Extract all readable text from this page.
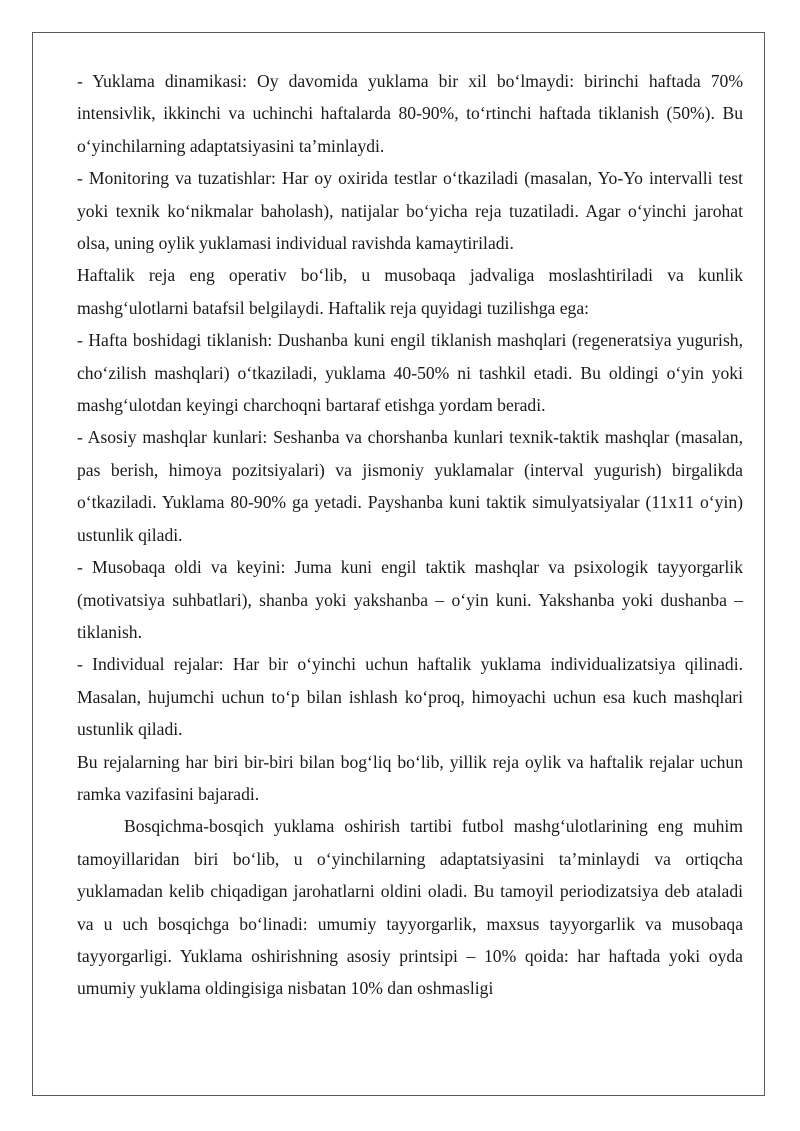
- Yuklama dinamikasi: Oy davomida yuklama bir xil bo‘lmaydi: birinchi haftada 70% intensivlik, ikkinchi va uchinchi haftalarda 80-90%, to‘rtinchi haftada tiklanish (50%). Bu o‘yinchilarning adaptatsiyasini ta’minlaydi.

- Monitoring va tuzatishlar: Har oy oxirida testlar o‘tkaziladi (masalan, Yo-Yo intervalli test yoki texnik ko‘nikmalar baholash), natijalar bo‘yicha reja tuzatiladi. Agar o‘yinchi jarohat olsa, uning oylik yuklamasi individual ravishda kamaytiriladi.

Haftalik reja eng operativ bo‘lib, u musobaqa jadvaliga moslashtiriladi va kunlik mashg‘ulotlarni batafsil belgilaydi. Haftalik reja quyidagi tuzilishga ega:

- Hafta boshidagi tiklanish: Dushanba kuni engil tiklanish mashqlari (regeneratsiya yugurish, cho‘zilish mashqlari) o‘tkaziladi, yuklama 40-50% ni tashkil etadi. Bu oldingi o‘yin yoki mashg‘ulotdan keyingi charchoqni bartaraf etishga yordam beradi.

- Asosiy mashqlar kunlari: Seshanba va chorshanba kunlari texnik-taktik mashqlar (masalan, pas berish, himoya pozitsiyalari) va jismoniy yuklamalar (interval yugurish) birgalikda o‘tkaziladi. Yuklama 80-90% ga yetadi. Payshanba kuni taktik simulyatsiyalar (11x11 o‘yin) ustunlik qiladi.

- Musobaqa oldi va keyini: Juma kuni engil taktik mashqlar va psixologik tayyorgarlik (motivatsiya suhbatlari), shanba yoki yakshanba – o‘yin kuni. Yakshanba yoki dushanba – tiklanish.

- Individual rejalar: Har bir o‘yinchi uchun haftalik yuklama individualizatsiya qilinadi. Masalan, hujumchi uchun to‘p bilan ishlash ko‘proq, himoyachi uchun esa kuch mashqlari ustunlik qiladi.

Bu rejalarning har biri bir-biri bilan bog‘liq bo‘lib, yillik reja oylik va haftalik rejalar uchun ramka vazifasini bajaradi.

Bosqichma-bosqich yuklama oshirish tartibi futbol mashg‘ulotlarining eng muhim tamoyillaridan biri bo‘lib, u o‘yinchilarning adaptatsiyasini ta’minlaydi va ortiqcha yuklamadan kelib chiqadigan jarohatlarni oldini oladi. Bu tamoyil periodizatsiya deb ataladi va u uch bosqichga bo‘linadi: umumiy tayyorgarlik, maxsus tayyorgarlik va musobaqa tayyorgarligi. Yuklama oshirishning asosiy printsipi – 10% qoida: har haftada yoki oyda umumiy yuklama oldingisiga nisbatan 10% dan oshmasligi
